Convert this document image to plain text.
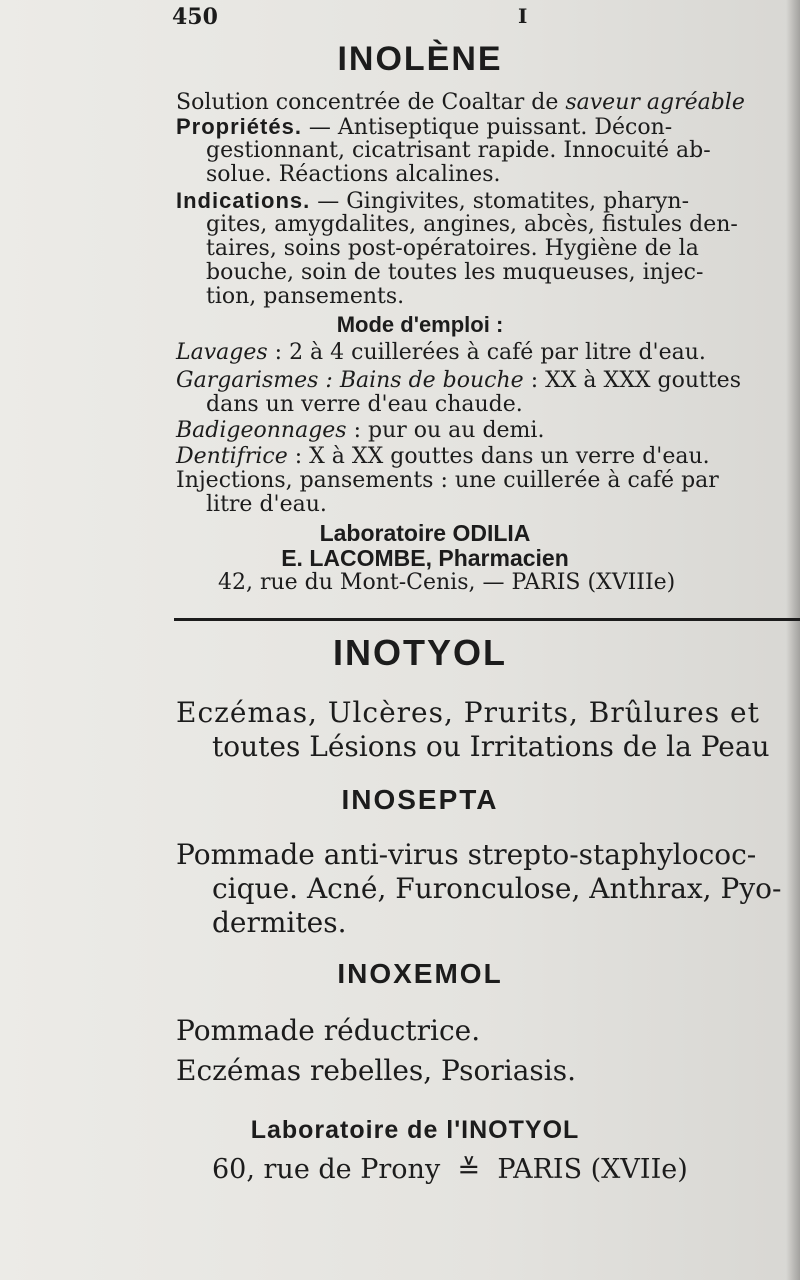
450	I
INOLÈNE
Solution concentrée de Coaltar de saveur agréable
Propriétés. — Antiseptique puissant. Décon-
gestionnant, cicatrisant rapide. Innocuité ab-
solue. Réactions alcalines.
Indications. — Gingivites, stomatites, pharyn-
gites, amygdalites, angines, abcès, fistules den-
taires, soins post-opératoires. Hygiène de la
bouche, soin de toutes les muqueuses, injec-
tion, pansements.
Mode d'emploi :
Lavages : 2 à 4 cuillerées à café par litre d'eau.
Gargarismes : Bains de bouche : XX à XXX gouttes
dans un verre d'eau chaude.
Badigeonnages : pur ou au demi.
Dentifrice : X à XX gouttes dans un verre d'eau.
Injections, pansements : une cuillerée à café par
litre d'eau.
Laboratoire ODILIA
E. LACOMBE, Pharmacien
42, rue du Mont-Cenis, — PARIS (XVIIIe)
INOTYOL
Eczémas, Ulcères, Prurits, Brûlures et
toutes Lésions ou Irritations de la Peau
INOSEPTA
Pommade anti-virus strepto-staphylococ-
cique. Acné, Furonculose, Anthrax, Pyo-
dermites.
INOXEMOL
Pommade réductrice.
Eczémas rebelles, Psoriasis.
Laboratoire de l'INOTYOL
60, rue de Prony ≚ PARIS (XVIIe)
